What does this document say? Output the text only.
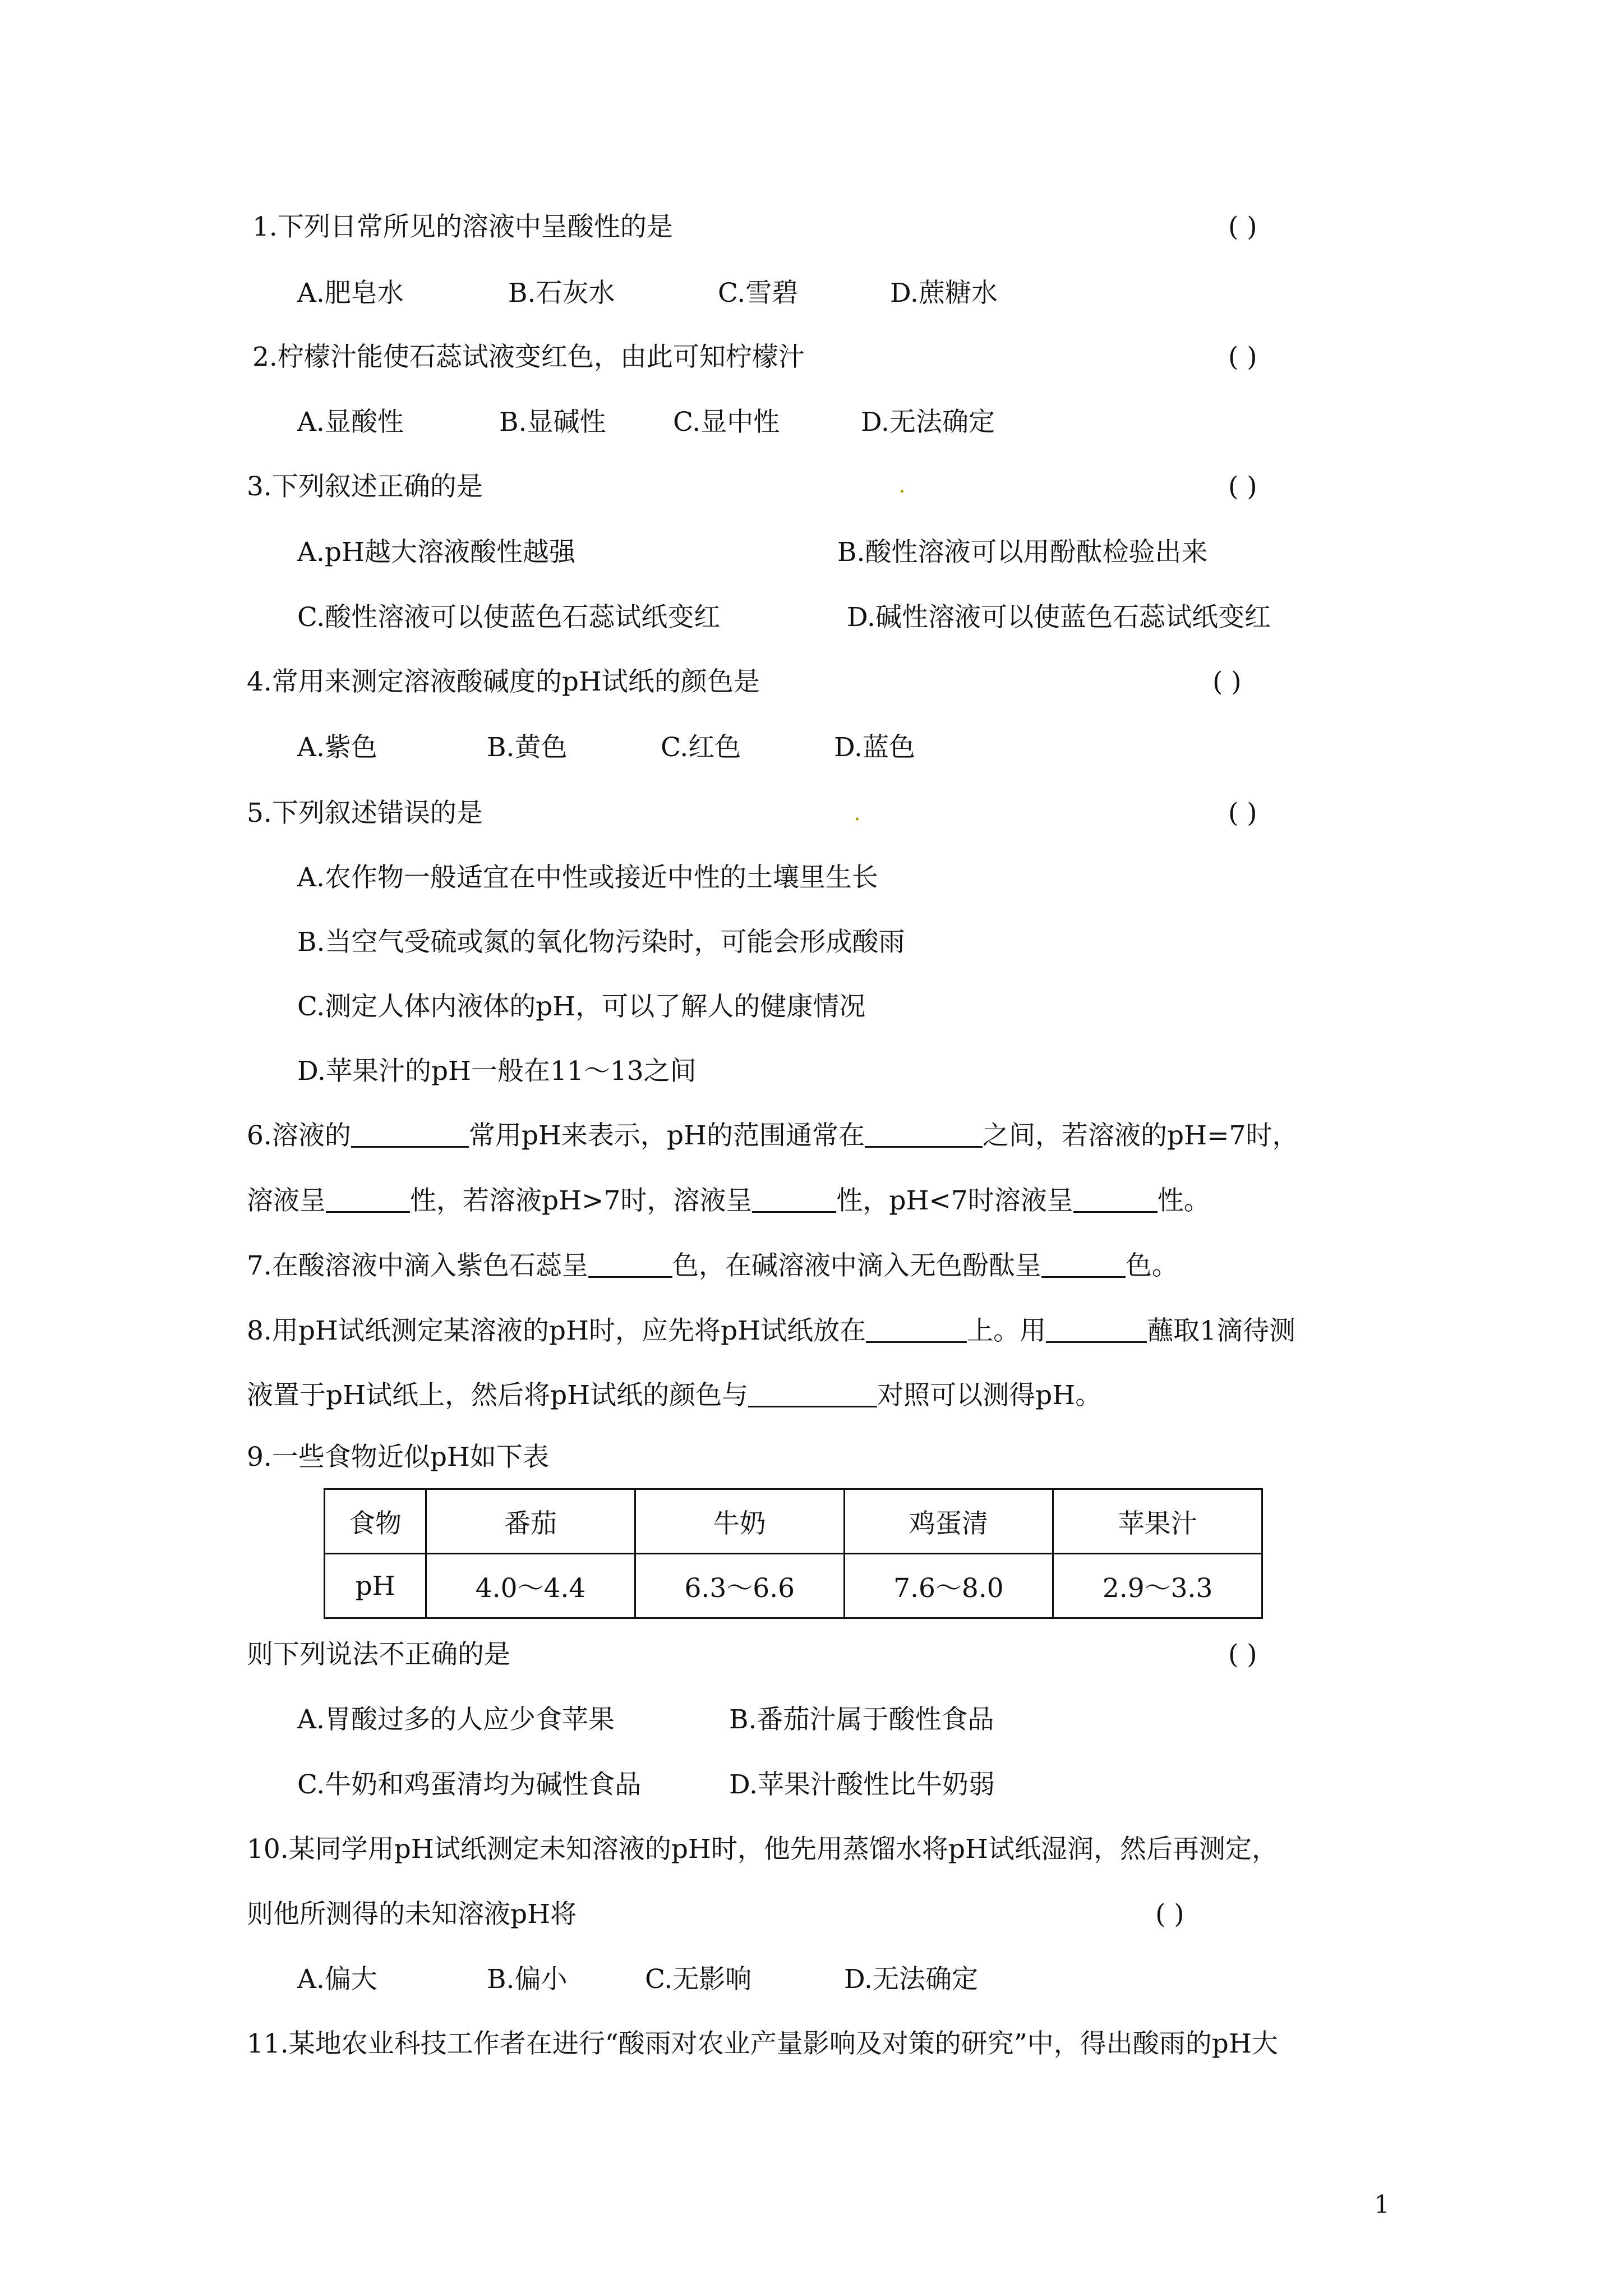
1.下列日常所见的溶液中呈酸性的是	( )
A.肥皂水	B.石灰水	C.雪碧	D.蔗糖水
2.柠檬汁能使石蕊试液变红色，由此可知柠檬汁	( )
A.显酸性	B.显碱性	C.显中性	D.无法确定
3.下列叙述正确的是	.	( )
A.pH越大溶液酸性越强	B.酸性溶液可以用酚酞检验出来
C.酸性溶液可以使蓝色石蕊试纸变红	D.碱性溶液可以使蓝色石蕊试纸变红
4.常用来测定溶液酸碱度的pH试纸的颜色是	( )
A.紫色	B.黄色	C.红色	D.蓝色
5.下列叙述错误的是	.	( )
A.农作物一般适宜在中性或接近中性的土壤里生长
B.当空气受硫或氮的氧化物污染时，可能会形成酸雨
C.测定人体内液体的pH，可以了解人的健康情况
D.苹果汁的pH一般在11～13之间
6.溶液的	常用pH来表示，pH的范围通常在	之间，若溶液的pH=7时，
溶液呈	性，若溶液pH>7时，溶液呈	性，pH<7时溶液呈	性。
7.在酸溶液中滴入紫色石蕊呈	色，在碱溶液中滴入无色酚酞呈	色。
8.用pH试纸测定某溶液的pH时，应先将pH试纸放在	上。用	蘸取1滴待测
液置于pH试纸上，然后将pH试纸的颜色与	对照可以测得pH。
9.一些食物近似pH如下表
食物	番茄	牛奶	鸡蛋清	苹果汁
pH	4.0～4.4	6.3～6.6	7.6～8.0	2.9～3.3
则下列说法不正确的是	( )
A.胃酸过多的人应少食苹果	B.番茄汁属于酸性食品
C.牛奶和鸡蛋清均为碱性食品	D.苹果汁酸性比牛奶弱
10.某同学用pH试纸测定未知溶液的pH时，他先用蒸馏水将pH试纸湿润，然后再测定，
则他所测得的未知溶液pH将	( )
A.偏大	B.偏小	C.无影响	D.无法确定
11.某地农业科技工作者在进行“酸雨对农业产量影响及对策的研究”中，得出酸雨的pH大
1
